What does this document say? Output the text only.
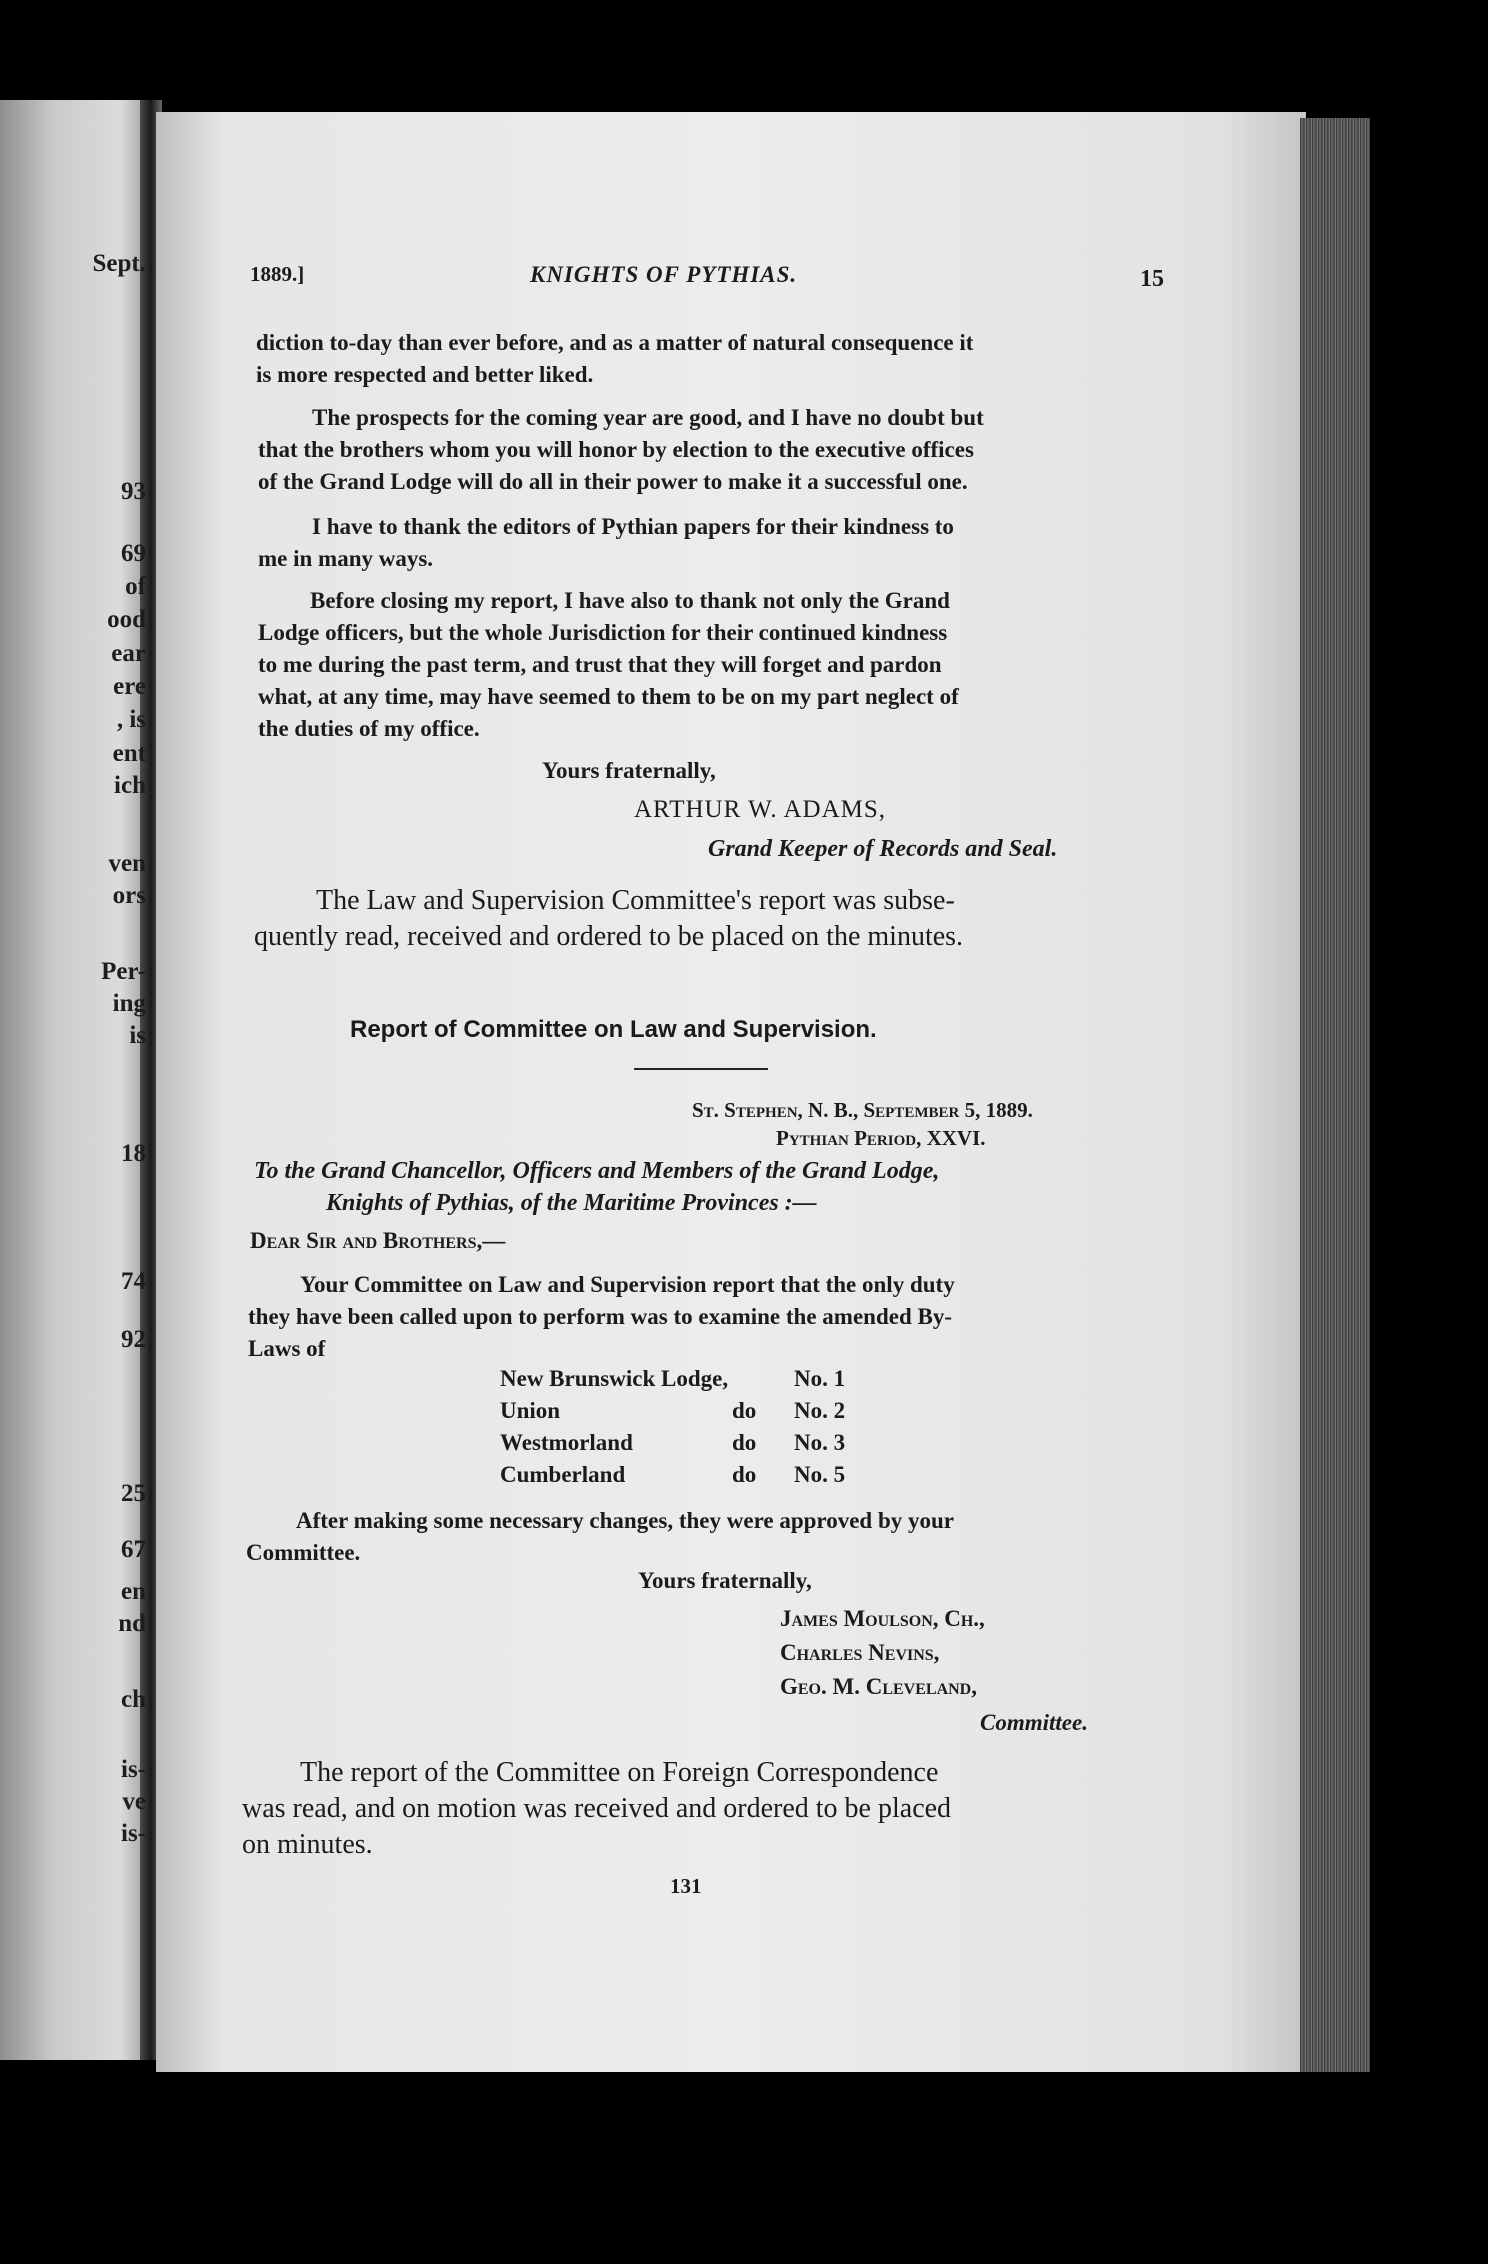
Sept.
93
69
of
ood
ear
ere
, is
ent
ich
ven
ors
Per-
ing
is
18
74
92
25
67
en
nd
ch
is-
ve
is-
1889.]	KNIGHTS OF PYTHIAS.	15
diction to-day than ever before, and as a matter of natural consequence it
is more respected and better liked.
The prospects for the coming year are good, and I have no doubt but
that the brothers whom you will honor by election to the executive offices
of the Grand Lodge will do all in their power to make it a successful one.
I have to thank the editors of Pythian papers for their kindness to
me in many ways.
Before closing my report, I have also to thank not only the Grand
Lodge officers, but the whole Jurisdiction for their continued kindness
to me during the past term, and trust that they will forget and pardon
what, at any time, may have seemed to them to be on my part neglect of
the duties of my office.
Yours fraternally,
ARTHUR W. ADAMS,
Grand Keeper of Records and Seal.
The Law and Supervision Committee's report was subse-
quently read, received and ordered to be placed on the minutes.
Report of Committee on Law and Supervision.
St. Stephen, N. B., September 5, 1889.
Pythian Period, XXVI.
To the Grand Chancellor, Officers and Members of the Grand Lodge,
Knights of Pythias, of the Maritime Provinces :—
Dear Sir and Brothers,—
Your Committee on Law and Supervision report that the only duty
they have been called upon to perform was to examine the amended By-
Laws of
New Brunswick Lodge,	No. 1
Union	do No. 2
Westmorland	do No. 3
Cumberland	do No. 5
After making some necessary changes, they were approved by your
Committee.
Yours fraternally,
James Moulson, Ch.,
Charles Nevins,
Geo. M. Cleveland,
Committee.
The report of the Committee on Foreign Correspondence
was read, and on motion was received and ordered to be placed
on minutes.
131
